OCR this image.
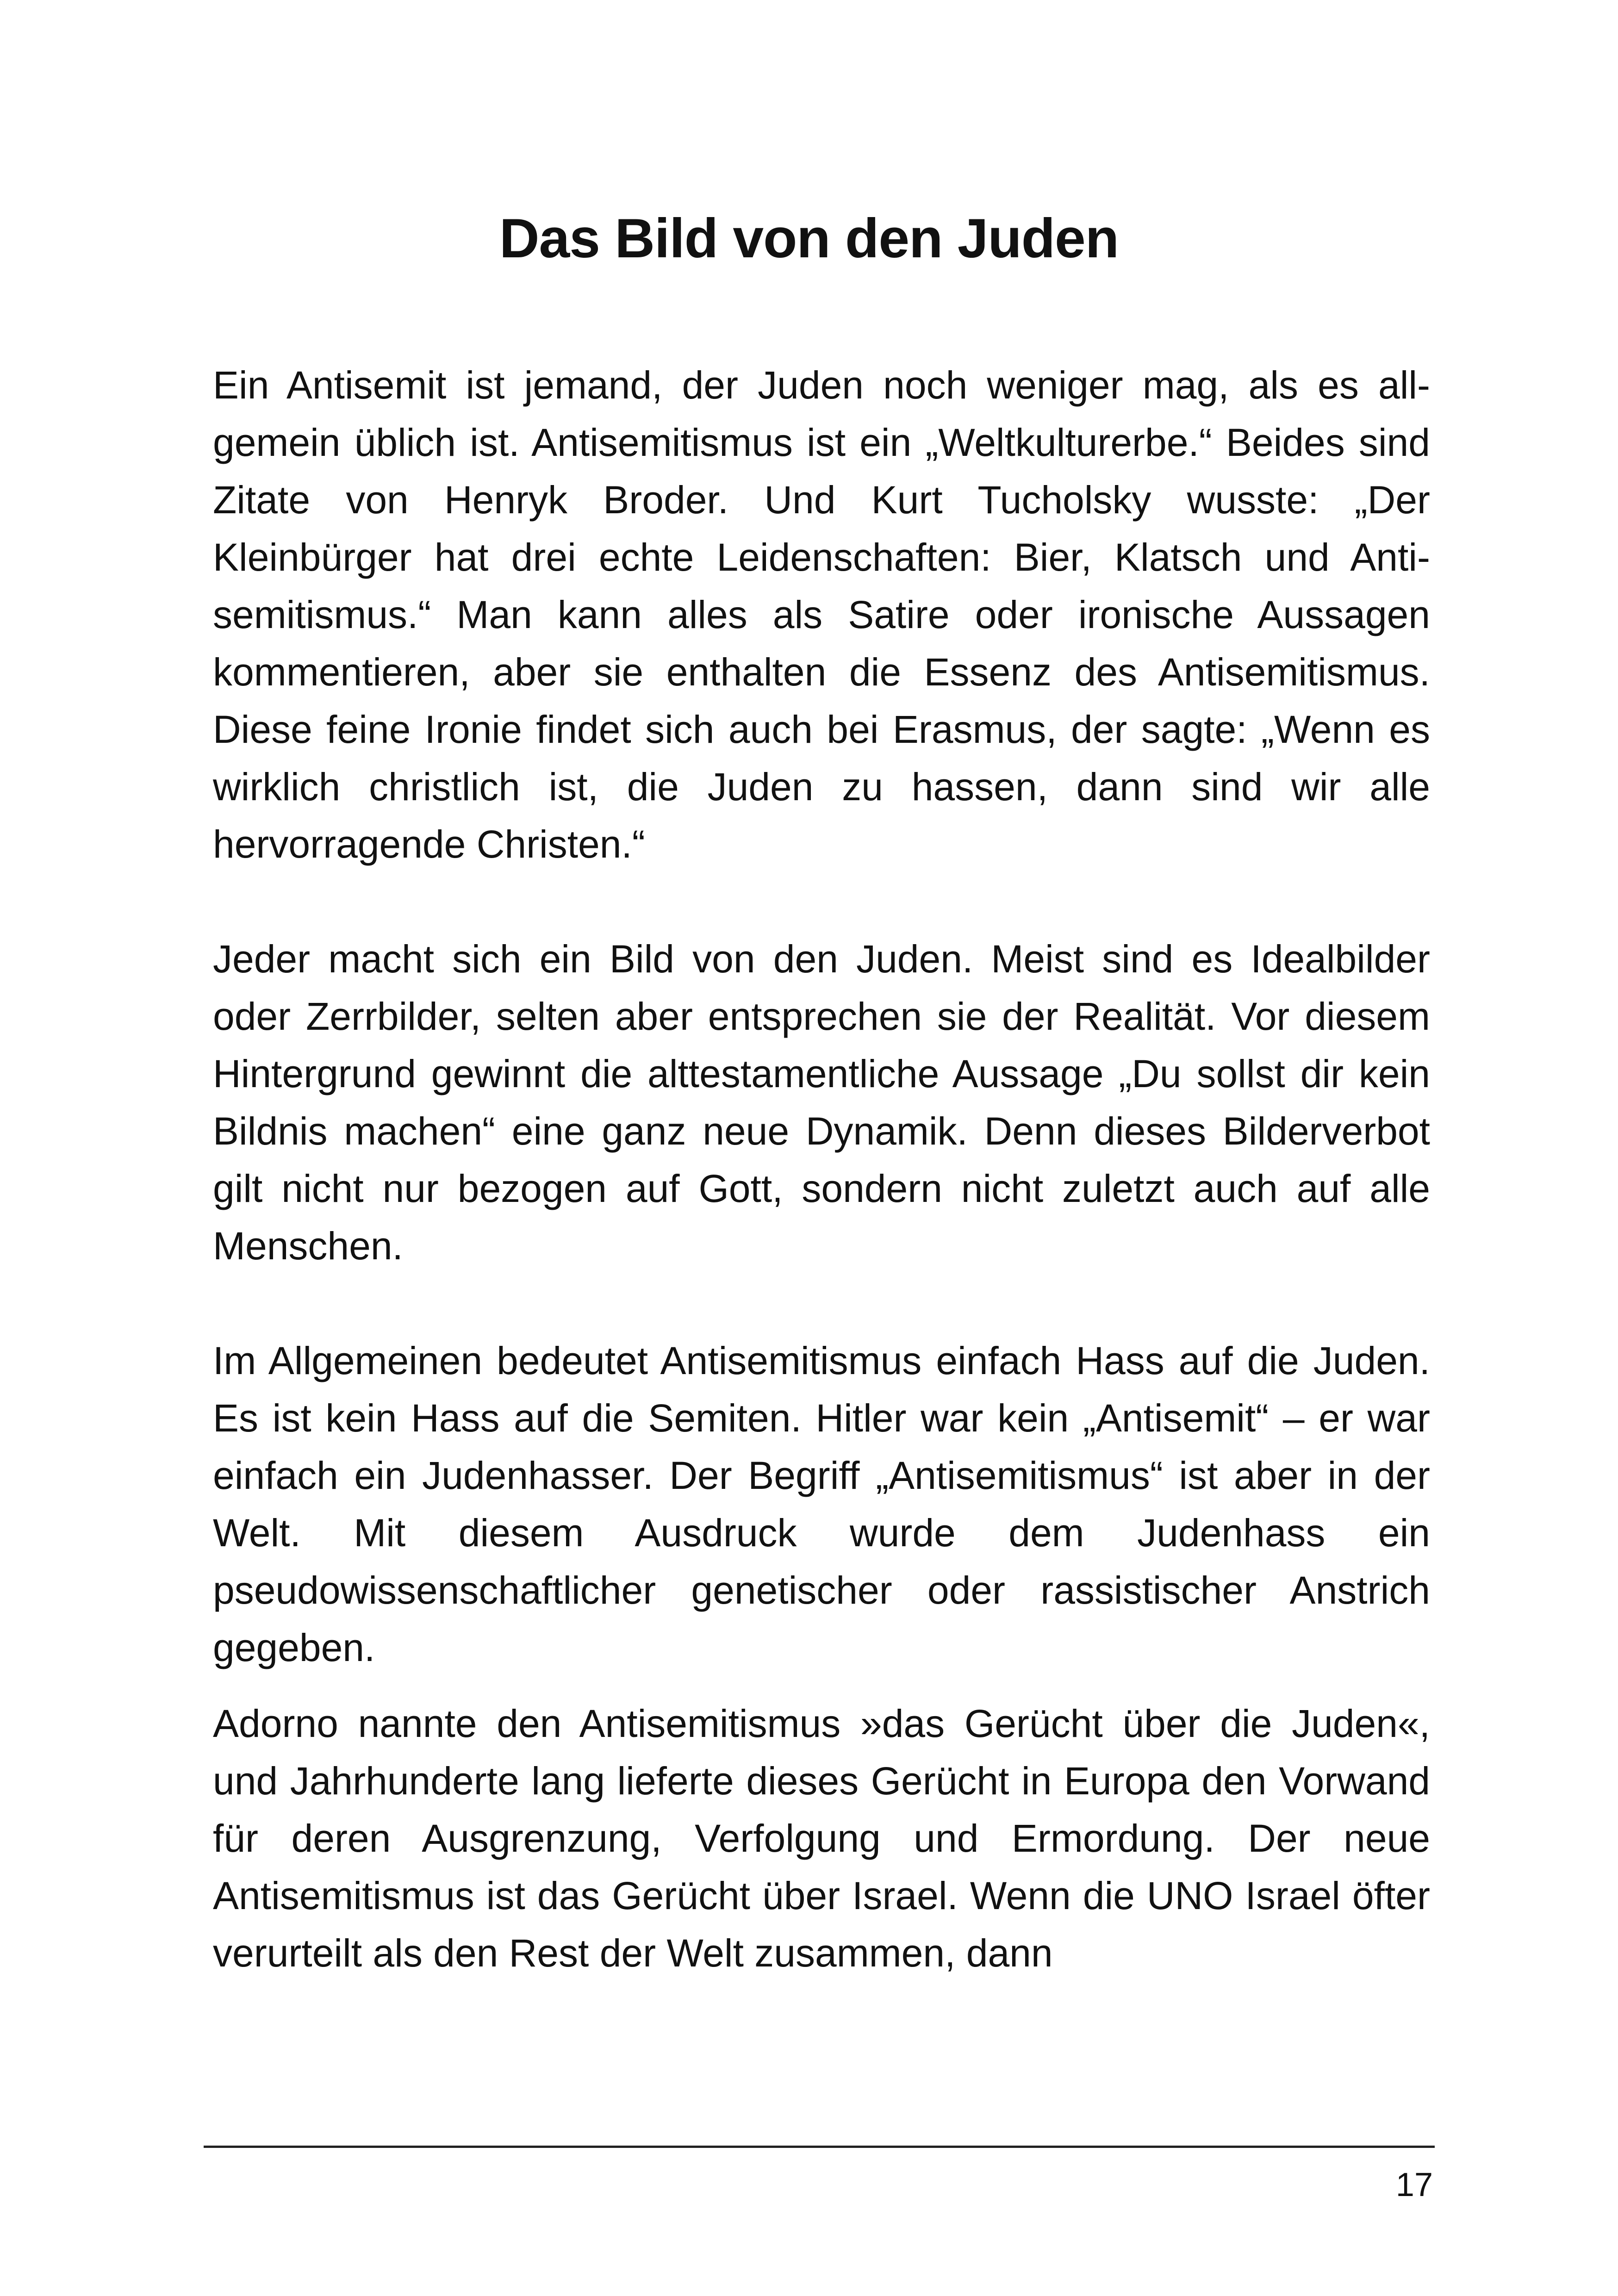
Das Bild von den Juden

Ein Antisemit ist jemand, der Juden noch weniger mag, als es allgemein üblich ist. Antisemitismus ist ein „Weltkulturerbe.“ Beides sind Zitate von Henryk Broder. Und Kurt Tucholsky wusste: „Der Kleinbürger hat drei echte Leidenschaften: Bier, Klatsch und Antisemitismus.“ Man kann alles als Satire oder ironische Aussagen kommentieren, aber sie enthalten die Essenz des Antisemitismus. Diese feine Ironie findet sich auch bei Erasmus, der sagte: „Wenn es wirklich christlich ist, die Juden zu hassen, dann sind wir alle hervorragende Christen.“

Jeder macht sich ein Bild von den Juden. Meist sind es Idealbilder oder Zerrbilder, selten aber entsprechen sie der Realität. Vor diesem Hintergrund gewinnt die alttestamentliche Aussage „Du sollst dir kein Bildnis machen“ eine ganz neue Dynamik. Denn dieses Bilderverbot gilt nicht nur bezogen auf Gott, sondern nicht zuletzt auch auf alle Menschen.

Im Allgemeinen bedeutet Antisemitismus einfach Hass auf die Juden. Es ist kein Hass auf die Semiten. Hitler war kein „Antisemit“ – er war einfach ein Judenhasser. Der Begriff „Antisemitismus“ ist aber in der Welt. Mit diesem Ausdruck wurde dem Judenhass ein pseudowissenschaftlicher genetischer oder rassistischer Anstrich gegeben.

Adorno nannte den Antisemitismus »das Gerücht über die Juden«, und Jahrhunderte lang lieferte dieses Gerücht in Europa den Vorwand für deren Ausgrenzung, Verfolgung und Ermordung. Der neue Antisemitismus ist das Gerücht über Israel. Wenn die UNO Israel öfter verurteilt als den Rest der Welt zusammen, dann

17
